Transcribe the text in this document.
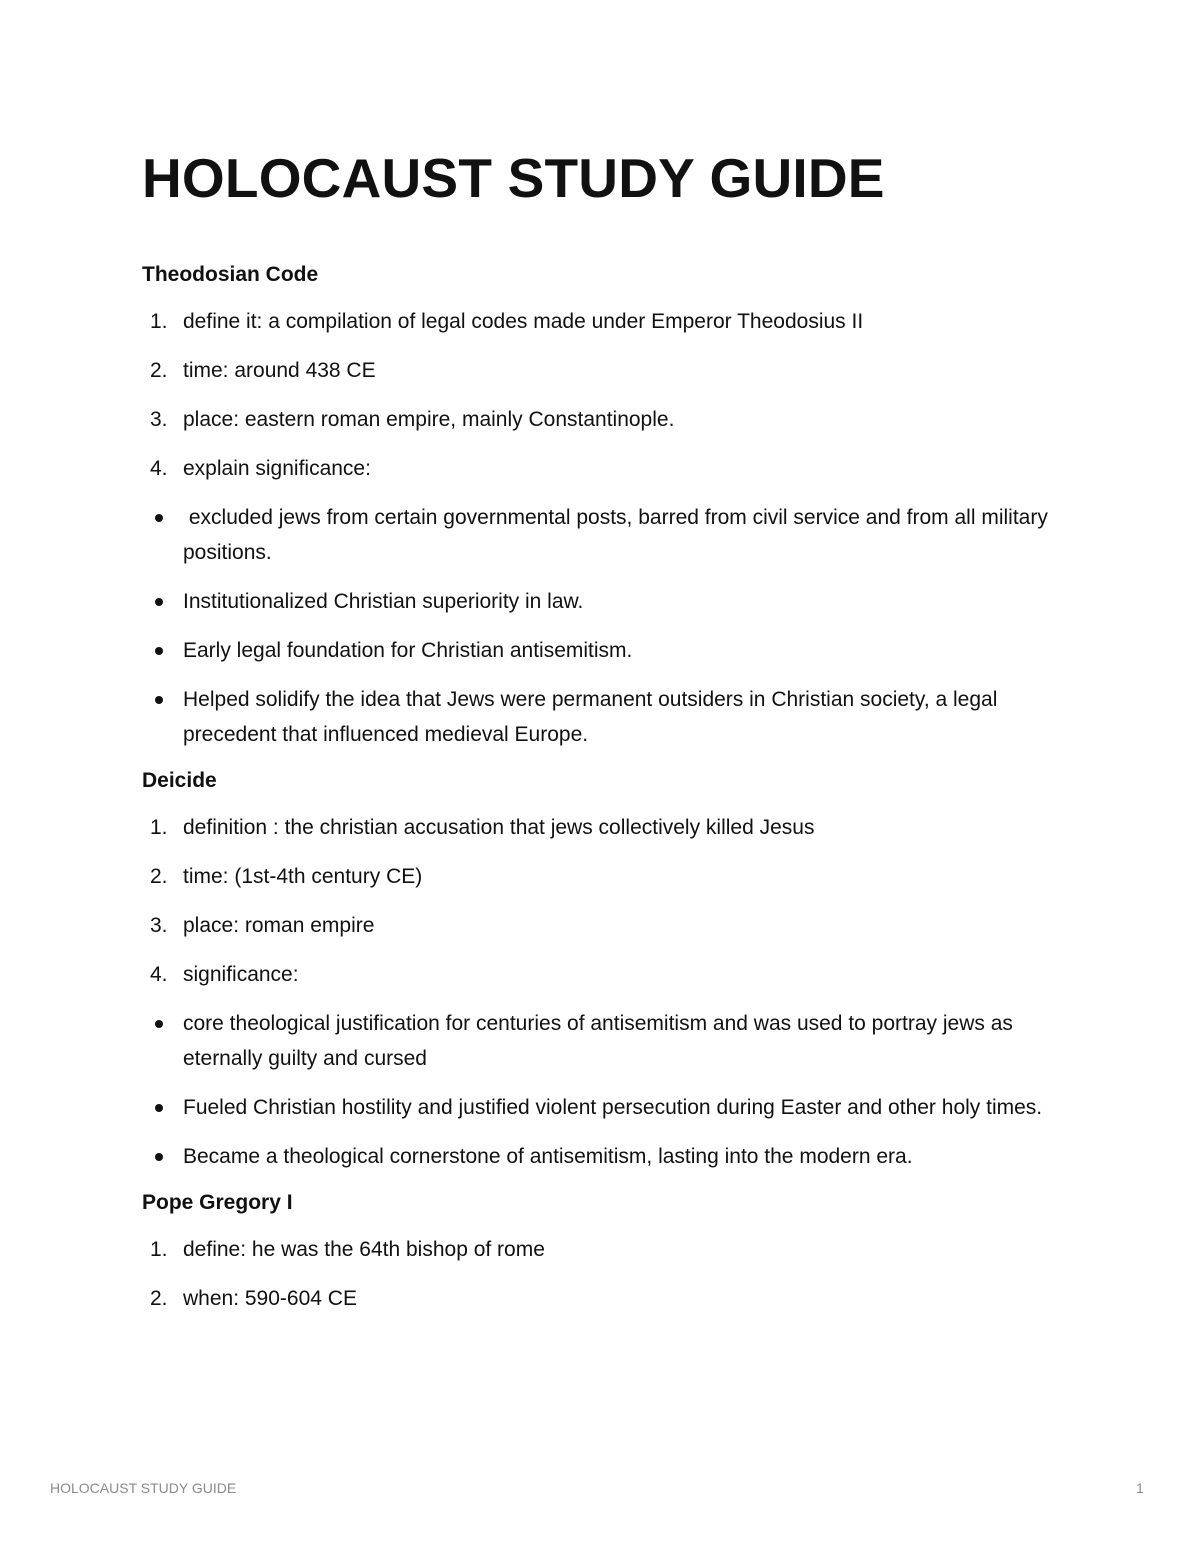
HOLOCAUST STUDY GUIDE
Theodosian Code
1. define it: a compilation of legal codes made under Emperor Theodosius II
2. time: around 438 CE
3. place: eastern roman empire, mainly Constantinople.
4. explain significance:
excluded jews from certain governmental posts, barred from civil service and from all military positions.
Institutionalized Christian superiority in law.
Early legal foundation for Christian antisemitism.
Helped solidify the idea that Jews were permanent outsiders in Christian society, a legal precedent that influenced medieval Europe.
Deicide
1. definition : the christian accusation that jews collectively killed Jesus
2. time: (1st-4th century CE)
3. place: roman empire
4. significance:
core theological justification for centuries of antisemitism and was used to portray jews as eternally guilty and cursed
Fueled Christian hostility and justified violent persecution during Easter and other holy times.
Became a theological cornerstone of antisemitism, lasting into the modern era.
Pope Gregory I
1. define: he was the 64th bishop of rome
2. when: 590-604 CE
HOLOCAUST STUDY GUIDE	1
